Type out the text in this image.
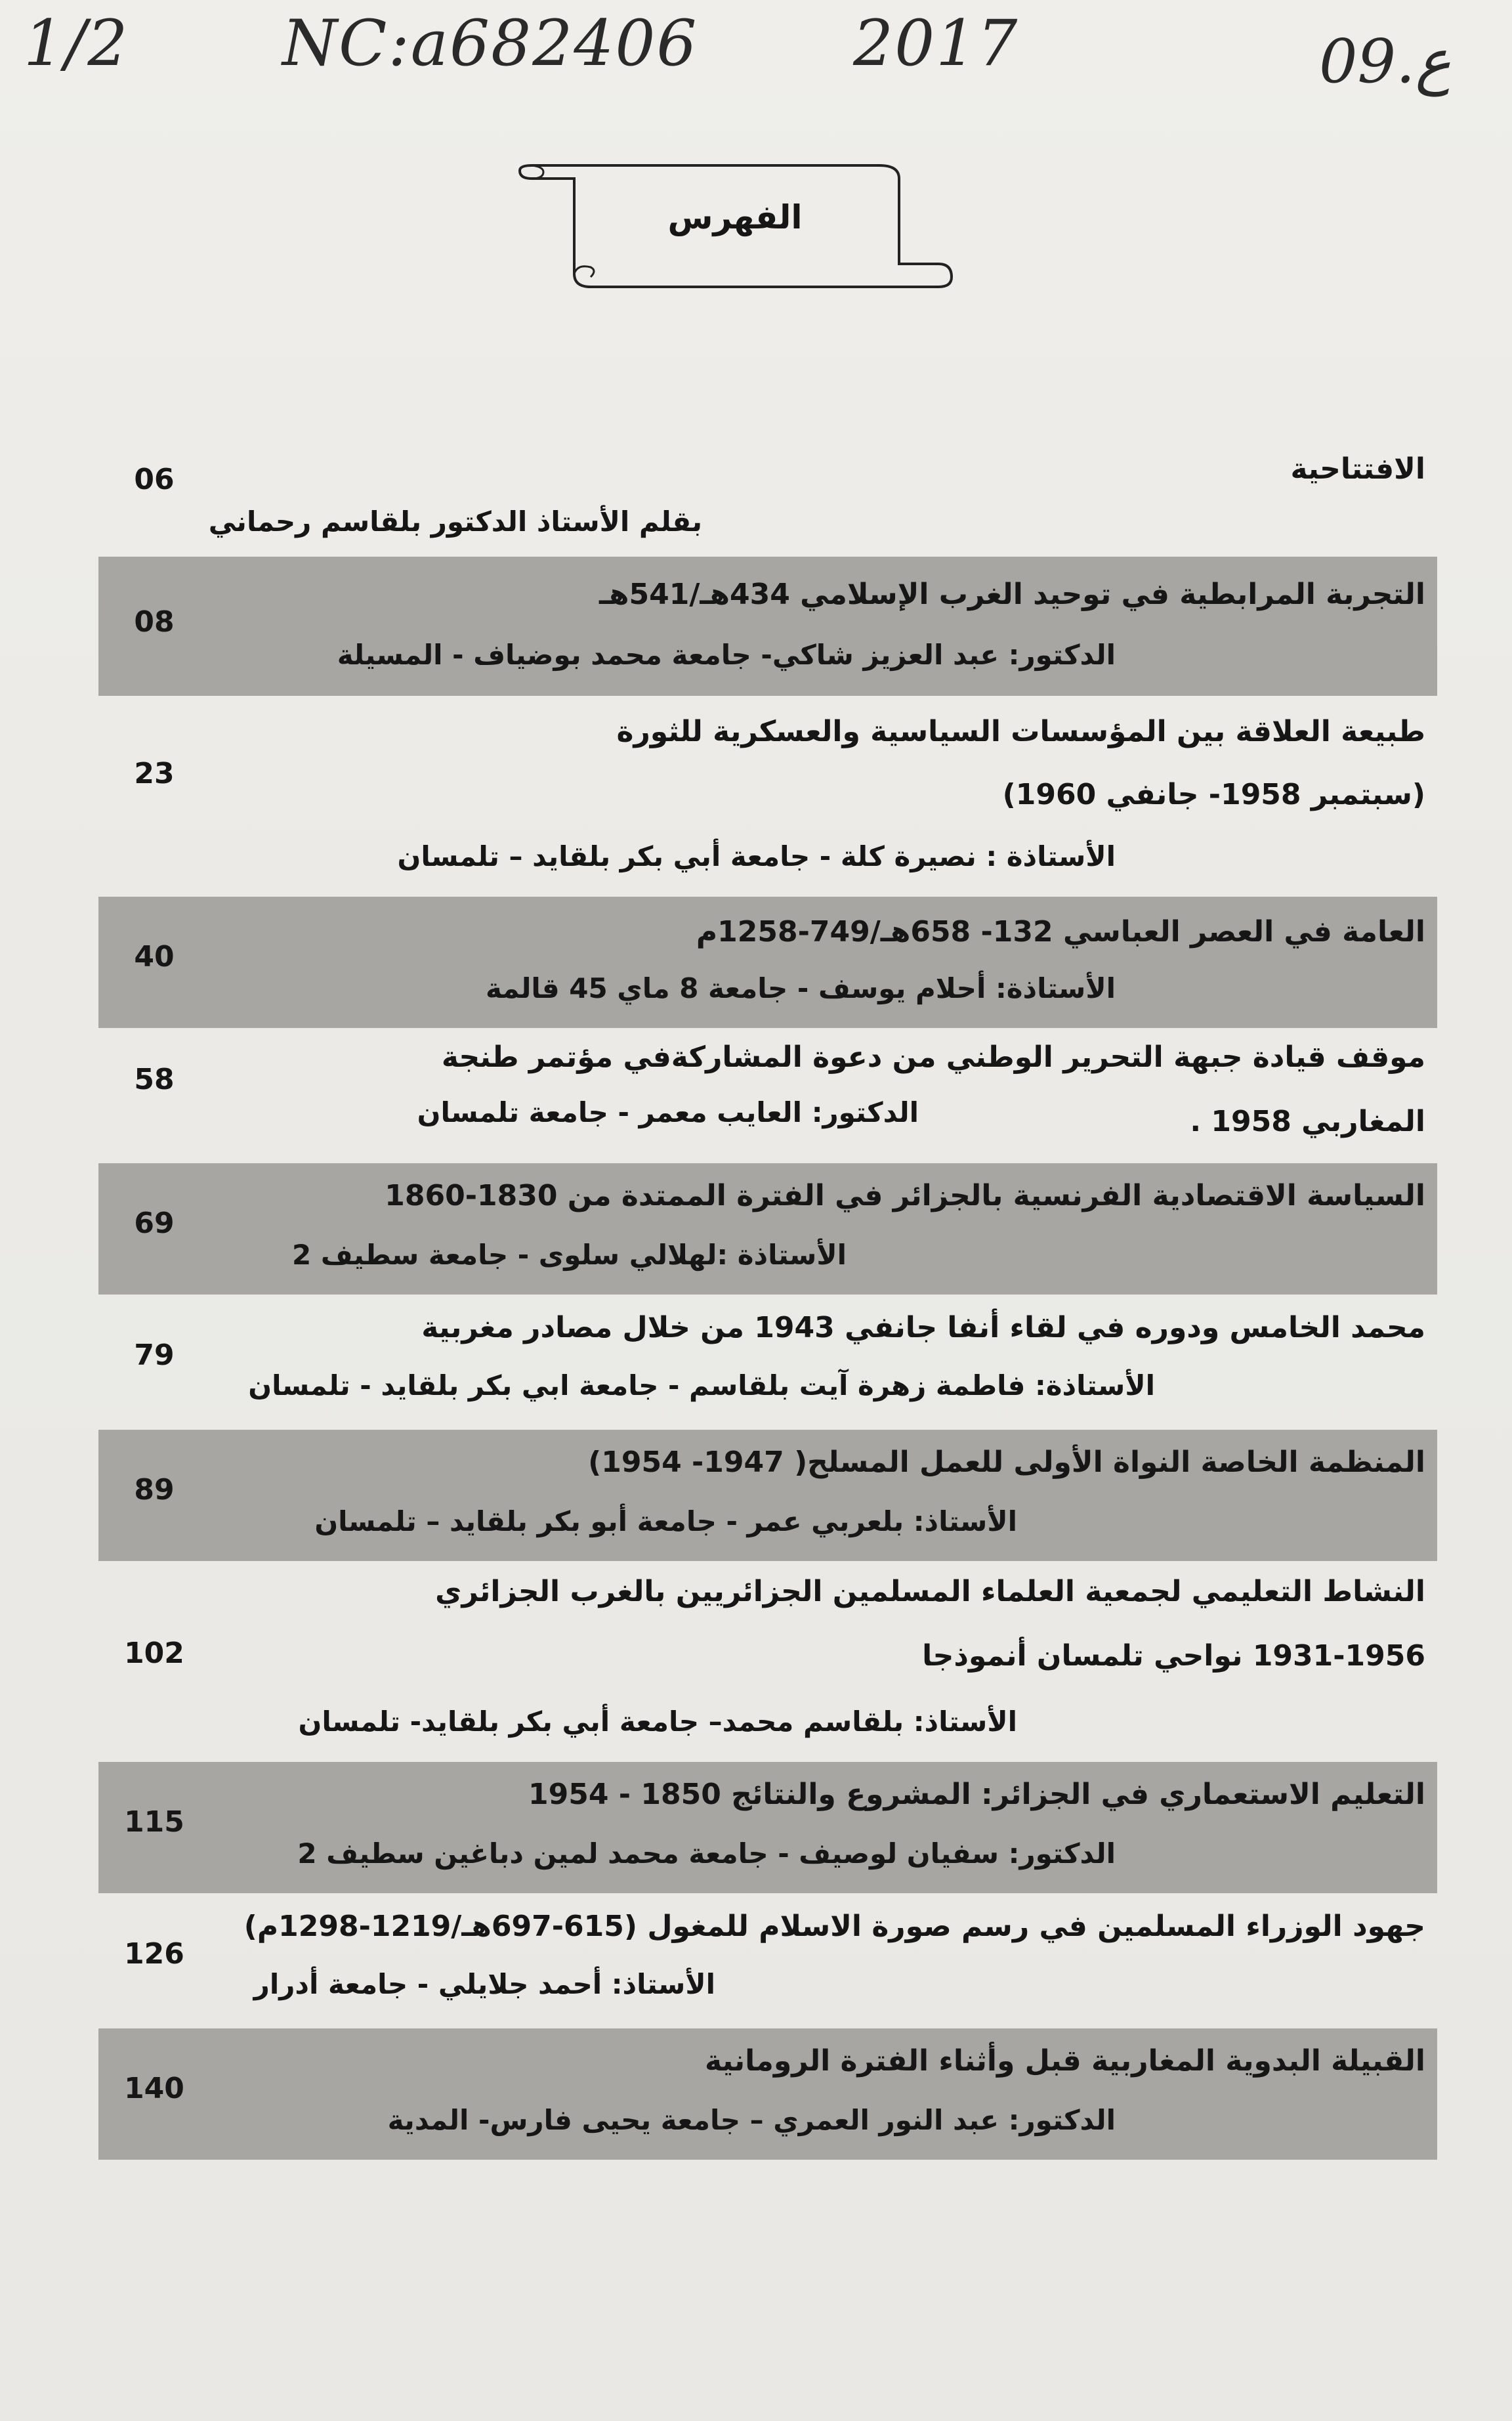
1/2 NC:a682406 2017	ع.09
الفهرس
الافتتاحية
بقلم الأستاذ الدكتور بلقاسم رحماني
06
التجربة المرابطية في توحيد الغرب الإسلامي 434هـ/541هـ
الدكتور: عبد العزيز شاكي- جامعة محمد بوضياف - المسيلة
08
طبيعة العلاقة بين المؤسسات السياسية والعسكرية للثورة
(سبتمبر 1958- جانفي 1960)
الأستاذة : نصيرة كلة - جامعة أبي بكر بلقايد – تلمسان
23
العامة في العصر العباسي 132- 658هـ/749-1258م
الأستاذة: أحلام يوسف - جامعة 8 ماي 45 قالمة
40
موقف قيادة جبهة التحرير الوطني من دعوة المشاركةفي مؤتمر طنجة
المغاربي 1958 .
الدكتور: العايب معمر - جامعة تلمسان
58
السياسة الاقتصادية الفرنسية بالجزائر في الفترة الممتدة من 1830-1860
الأستاذة :لهلالي سلوى - جامعة سطيف 2
69
محمد الخامس ودوره في لقاء أنفا جانفي 1943 من خلال مصادر مغربية
الأستاذة: فاطمة زهرة آيت بلقاسم - جامعة ابي بكر بلقايد - تلمسان
79
المنظمة الخاصة النواة الأولى للعمل المسلح( 1947- 1954)
الأستاذ: بلعربي عمر - جامعة أبو بكر بلقايد – تلمسان
89
النشاط التعليمي لجمعية العلماء المسلمين الجزائريين بالغرب الجزائري
1931-1956 نواحي تلمسان أنموذجا
الأستاذ: بلقاسم محمد– جامعة أبي بكر بلقايد- تلمسان
102
التعليم الاستعماري في الجزائر: المشروع والنتائج 1850 - 1954
الدكتور: سفيان لوصيف - جامعة محمد لمين دباغين سطيف 2
115
جهود الوزراء المسلمين في رسم صورة الاسلام للمغول (615-697هـ/1219-1298م)
الأستاذ: أحمد جلايلي - جامعة أدرار
126
القبيلة البدوية المغاربية قبل وأثناء الفترة الرومانية
الدكتور: عبد النور العمري – جامعة يحيى فارس- المدية
140
